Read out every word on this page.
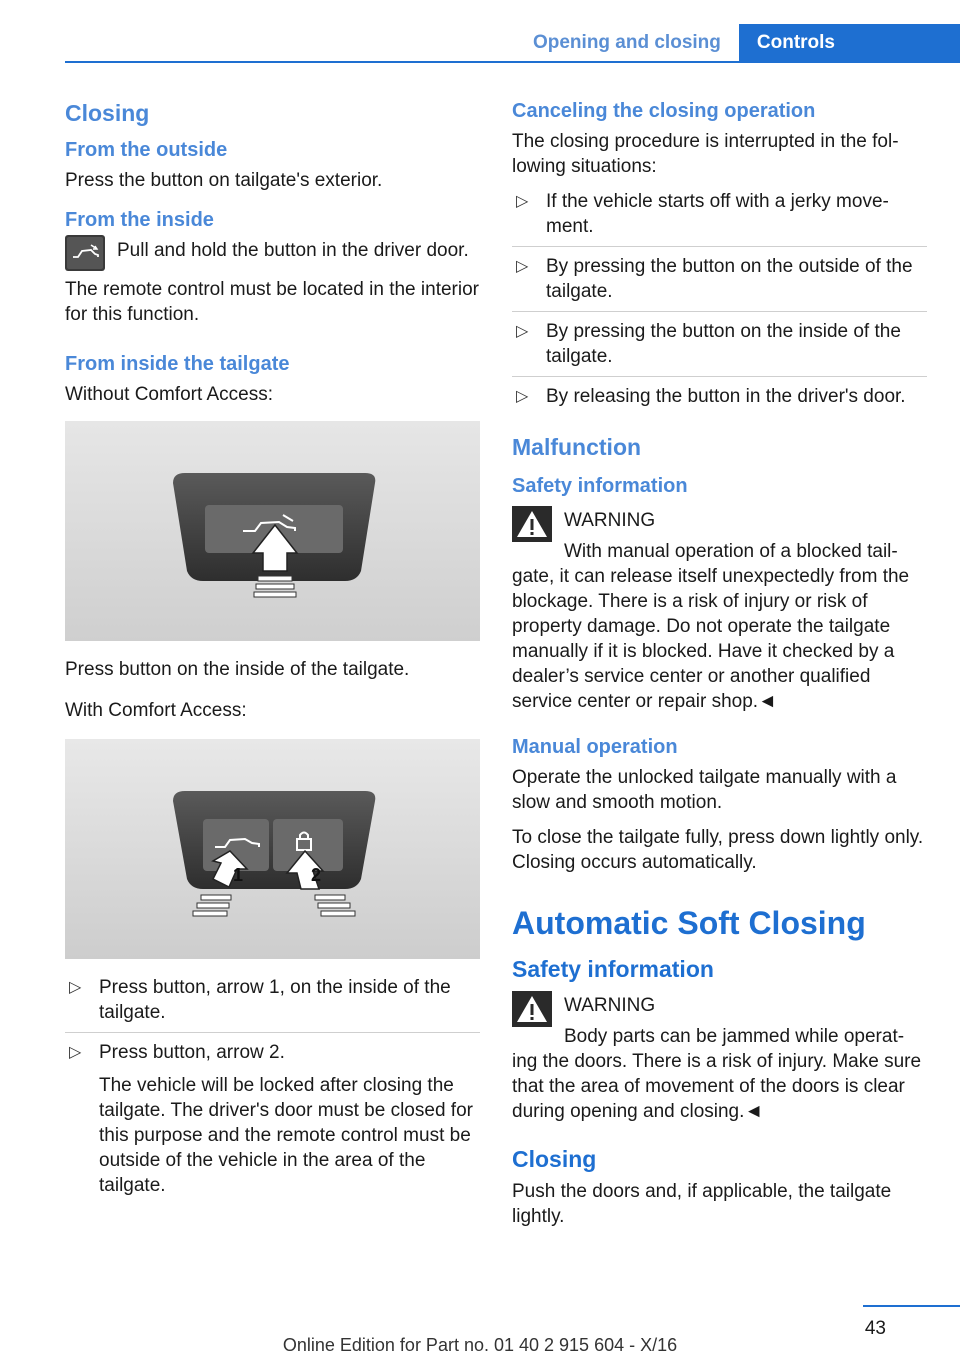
Opening and closing	Controls
Closing
From the outside

Press the button on tailgate's exterior.

From the inside
Pull and hold the button in the driver door.

The remote control must be located in the interior for this function.

From inside the tailgate

Without Comfort Access:

Press button on the inside of the tailgate.

With Comfort Access:

1	2
▷ Press button, arrow 1, on the inside of the tailgate.
▷ Press button, arrow 2.
The vehicle will be locked after closing the tailgate. The driver's door must be closed for this purpose and the remote control must be outside of the vehicle in the area of the tailgate.
Canceling the closing operation

The closing procedure is interrupted in the following situations:

▷ If the vehicle starts off with a jerky movement.
▷ By pressing the button on the outside of the tailgate.
▷ By pressing the button on the inside of the tailgate.
▷ By releasing the button in the driver's door.
Malfunction
Safety information
WARNING
With manual operation of a blocked tail-

gate, it can release itself unexpectedly from the blockage. There is a risk of injury or risk of property damage. Do not operate the tailgate manually if it is blocked. Have it checked by a dealer’s service center or another qualified service center or repair shop.◄

Manual operation

Operate the unlocked tailgate manually with a slow and smooth motion.

To close the tailgate fully, press down lightly only. Closing occurs automatically.

Automatic Soft Closing
Safety information
WARNING
Body parts can be jammed while operat-

ing the doors. There is a risk of injury. Make sure that the area of movement of the doors is clear during opening and closing.◄

Closing

Push the doors and, if applicable, the tailgate lightly.

43
Online Edition for Part no. 01 40 2 915 604 - X/16
